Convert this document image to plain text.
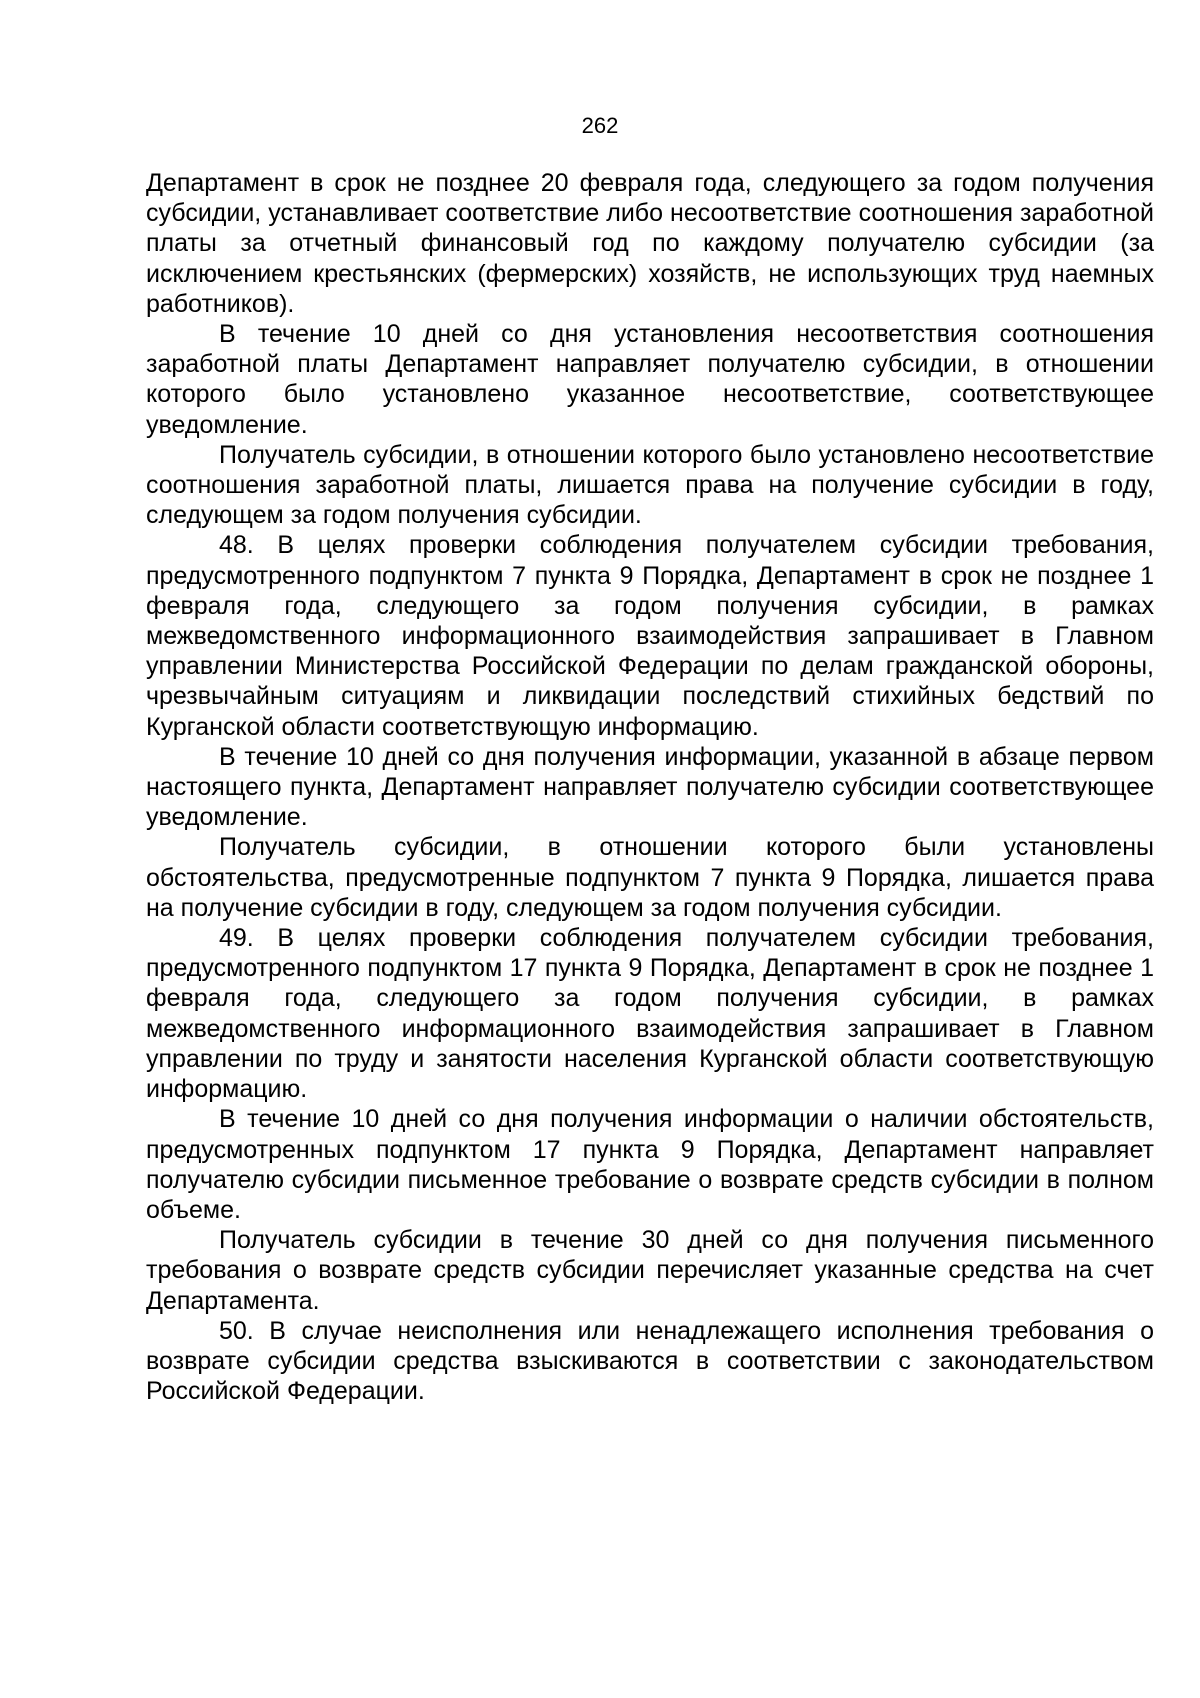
262

Департамент в срок не позднее 20 февраля года, следующего за годом получения субсидии, устанавливает соответствие либо несоответствие соотношения заработной платы за отчетный финансовый год по каждому получателю субсидии (за исключением крестьянских (фермерских) хозяйств, не использующих труд наемных работников).

В течение 10 дней со дня установления несоответствия соотношения заработной платы Департамент направляет получателю субсидии, в отношении которого было установлено указанное несоответствие, соответствующее уведомление.

Получатель субсидии, в отношении которого было установлено несоответствие соотношения заработной платы, лишается права на получение субсидии в году, следующем за годом получения субсидии.

48. В целях проверки соблюдения получателем субсидии требования, предусмотренного подпунктом 7 пункта 9 Порядка, Департамент в срок не позднее 1 февраля года, следующего за годом получения субсидии, в рамках межведомственного информационного взаимодействия запрашивает в Главном управлении Министерства Российской Федерации по делам гражданской обороны, чрезвычайным ситуациям и ликвидации последствий стихийных бедствий по Курганской области соответствующую информацию.

В течение 10 дней со дня получения информации, указанной в абзаце первом настоящего пункта, Департамент направляет получателю субсидии соответствующее уведомление.

Получатель субсидии, в отношении которого были установлены обстоятельства, предусмотренные подпунктом 7 пункта 9 Порядка, лишается права на получение субсидии в году, следующем за годом получения субсидии.

49. В целях проверки соблюдения получателем субсидии требования, предусмотренного подпунктом 17 пункта 9 Порядка, Департамент в срок не позднее 1 февраля года, следующего за годом получения субсидии, в рамках межведомственного информационного взаимодействия запрашивает в Главном управлении по труду и занятости населения Курганской области соответствующую информацию.

В течение 10 дней со дня получения информации о наличии обстоятельств, предусмотренных подпунктом 17 пункта 9 Порядка, Департамент направляет получателю субсидии письменное требование о возврате средств субсидии в полном объеме.

Получатель субсидии в течение 30 дней со дня получения письменного требования о возврате средств субсидии перечисляет указанные средства на счет Департамента.

50. В случае неисполнения или ненадлежащего исполнения требования о возврате субсидии средства взыскиваются в соответствии с законодательством Российской Федерации.
